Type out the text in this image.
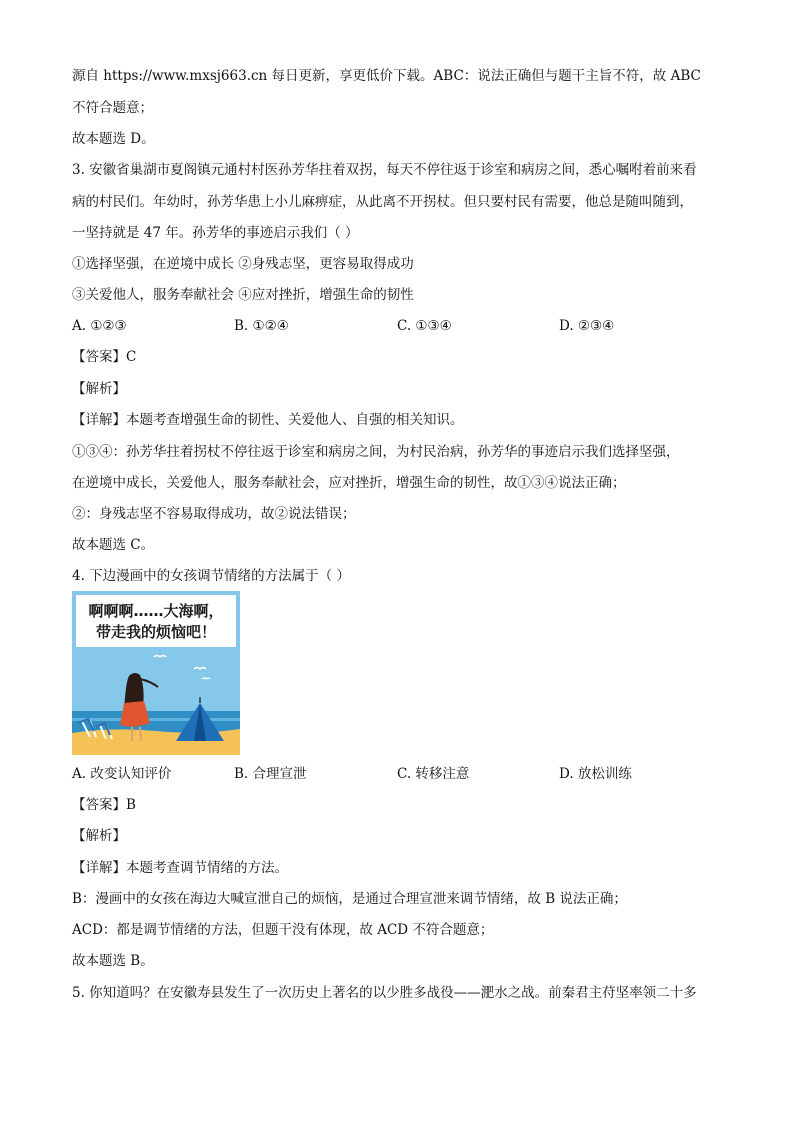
源自 https://www.mxsj663.cn 每日更新，享更低价下载。ABC：说法正确但与题干主旨不符，故 ABC
不符合题意；
故本题选 D。
3. 安徽省巢湖市夏阁镇元通村村医孙芳华拄着双拐，每天不停往返于诊室和病房之间，悉心嘱咐着前来看
病的村民们。年幼时，孙芳华患上小儿麻痹症，从此离不开拐杖。但只要村民有需要，他总是随叫随到，
一坚持就是 47 年。孙芳华的事迹启示我们（ ）
①选择坚强，在逆境中成长 ②身残志坚，更容易取得成功
③关爱他人，服务奉献社会 ④应对挫折，增强生命的韧性
A. ①②③	B. ①②④	C. ①③④	D. ②③④
【答案】C
【解析】
【详解】本题考查增强生命的韧性、关爱他人、自强的相关知识。
①③④：孙芳华拄着拐杖不停往返于诊室和病房之间，为村民治病，孙芳华的事迹启示我们选择坚强，
在逆境中成长，关爱他人，服务奉献社会，应对挫折，增强生命的韧性，故①③④说法正确；
②：身残志坚不容易取得成功，故②说法错误；
故本题选 C。
4. 下边漫画中的女孩调节情绪的方法属于（ ）
啊啊啊……大海啊，
带走我的烦恼吧！
A. 改变认知评价	B. 合理宣泄	C. 转移注意	D. 放松训练
【答案】B
【解析】
【详解】本题考查调节情绪的方法。
B：漫画中的女孩在海边大喊宣泄自己的烦恼，是通过合理宣泄来调节情绪，故 B 说法正确；
ACD：都是调节情绪的方法，但题干没有体现，故 ACD 不符合题意；
故本题选 B。
5. 你知道吗？在安徽寿县发生了一次历史上著名的以少胜多战役——淝水之战。前秦君主苻坚率领二十多
